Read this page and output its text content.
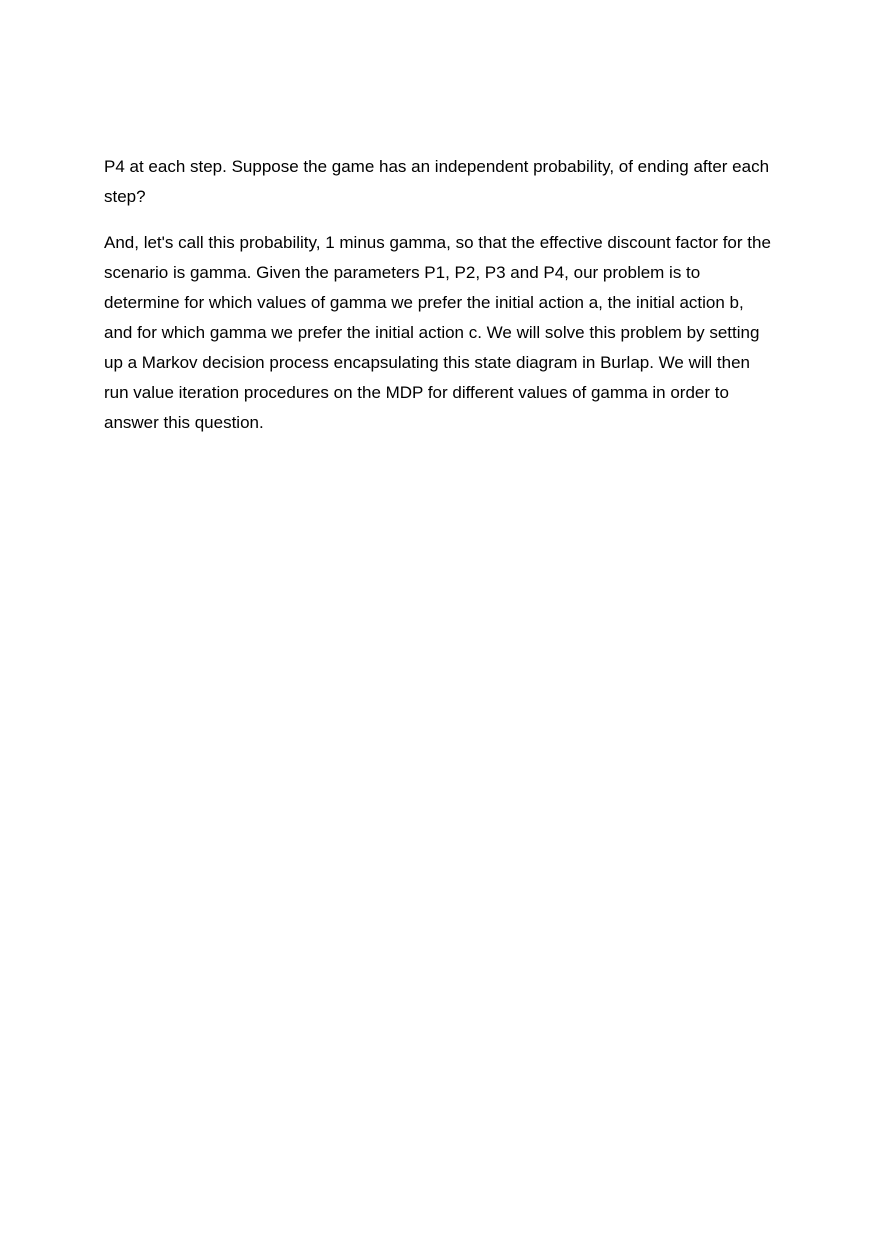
P4 at each step. Suppose the game has an independent probability, of ending after each step?

And, let's call this probability, 1 minus gamma, so that the effective discount factor for the scenario is gamma. Given the parameters P1, P2, P3 and P4, our problem is to determine for which values of gamma we prefer the initial action a, the initial action b, and for which gamma we prefer the initial action c. We will solve this problem by setting up a Markov decision process encapsulating this state diagram in Burlap. We will then run value iteration procedures on the MDP for different values of gamma in order to answer this question.
